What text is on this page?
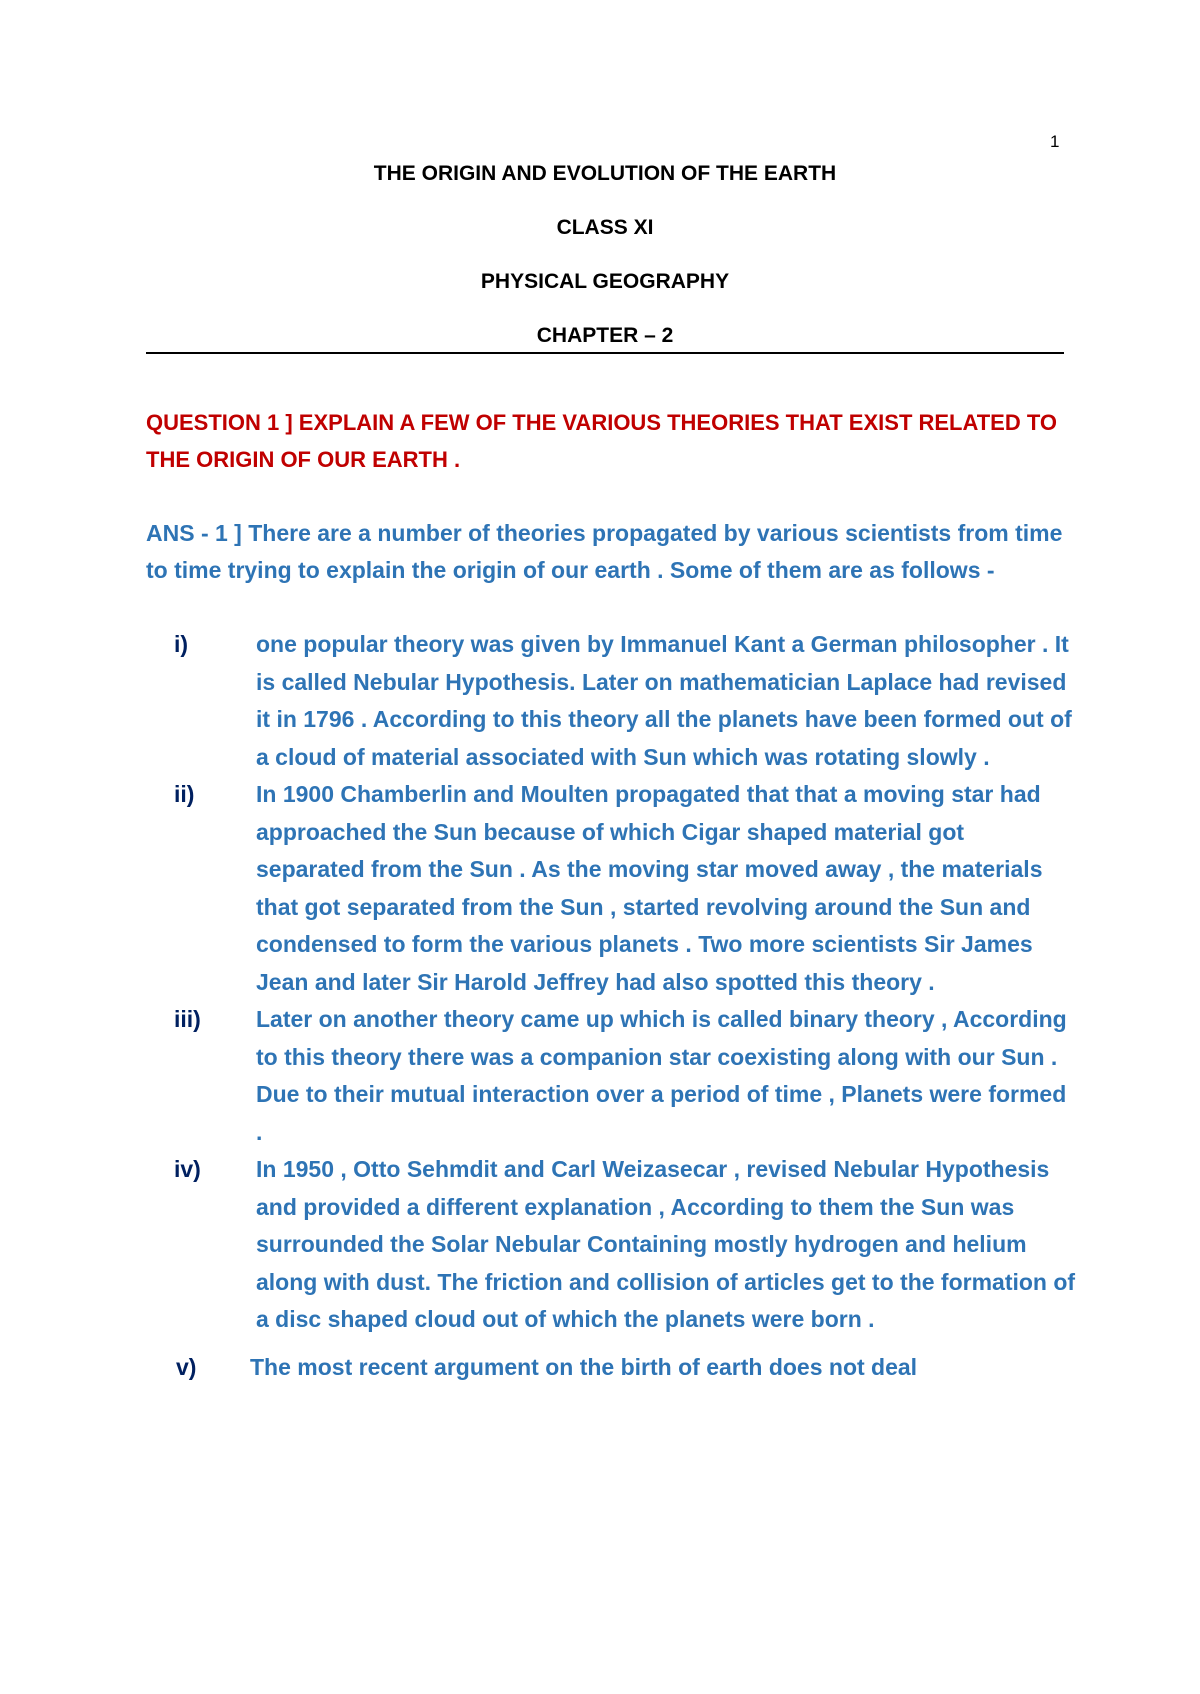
1
THE ORIGIN AND EVOLUTION OF THE EARTH
CLASS XI
PHYSICAL GEOGRAPHY
CHAPTER – 2
QUESTION 1 ] EXPLAIN A FEW OF THE VARIOUS THEORIES THAT EXIST RELATED TO THE ORIGIN OF OUR EARTH .
ANS - 1 ] There are a number of theories propagated by various scientists from time to time trying to explain the origin of our earth . Some of them are as follows -
i)	one popular theory was given by Immanuel Kant a German philosopher . It is called Nebular Hypothesis. Later on mathematician Laplace had revised it in 1796 . According to this theory all the planets have been formed out of a cloud of material associated with Sun which was rotating slowly .
ii)	In 1900 Chamberlin and Moulten propagated that that a moving star had approached the Sun because of which Cigar shaped material got separated from the Sun . As the moving star moved away , the materials that got separated from the Sun , started revolving around the Sun and condensed to form the various planets . Two more scientists Sir James Jean and later Sir Harold Jeffrey had also spotted this theory .
iii)	Later on another theory came up which is called binary theory , According to this theory there was a companion star coexisting along with our Sun . Due to their mutual interaction over a period of time , Planets were formed .
iv)	In 1950 , Otto Sehmdit and Carl Weizasecar , revised Nebular Hypothesis and provided a different explanation , According to them the Sun was surrounded the Solar Nebular Containing mostly hydrogen and helium along with dust. The friction and collision of articles get to the formation of a disc shaped cloud out of which the planets were born .
v)	The most recent argument on the birth of earth does not deal
